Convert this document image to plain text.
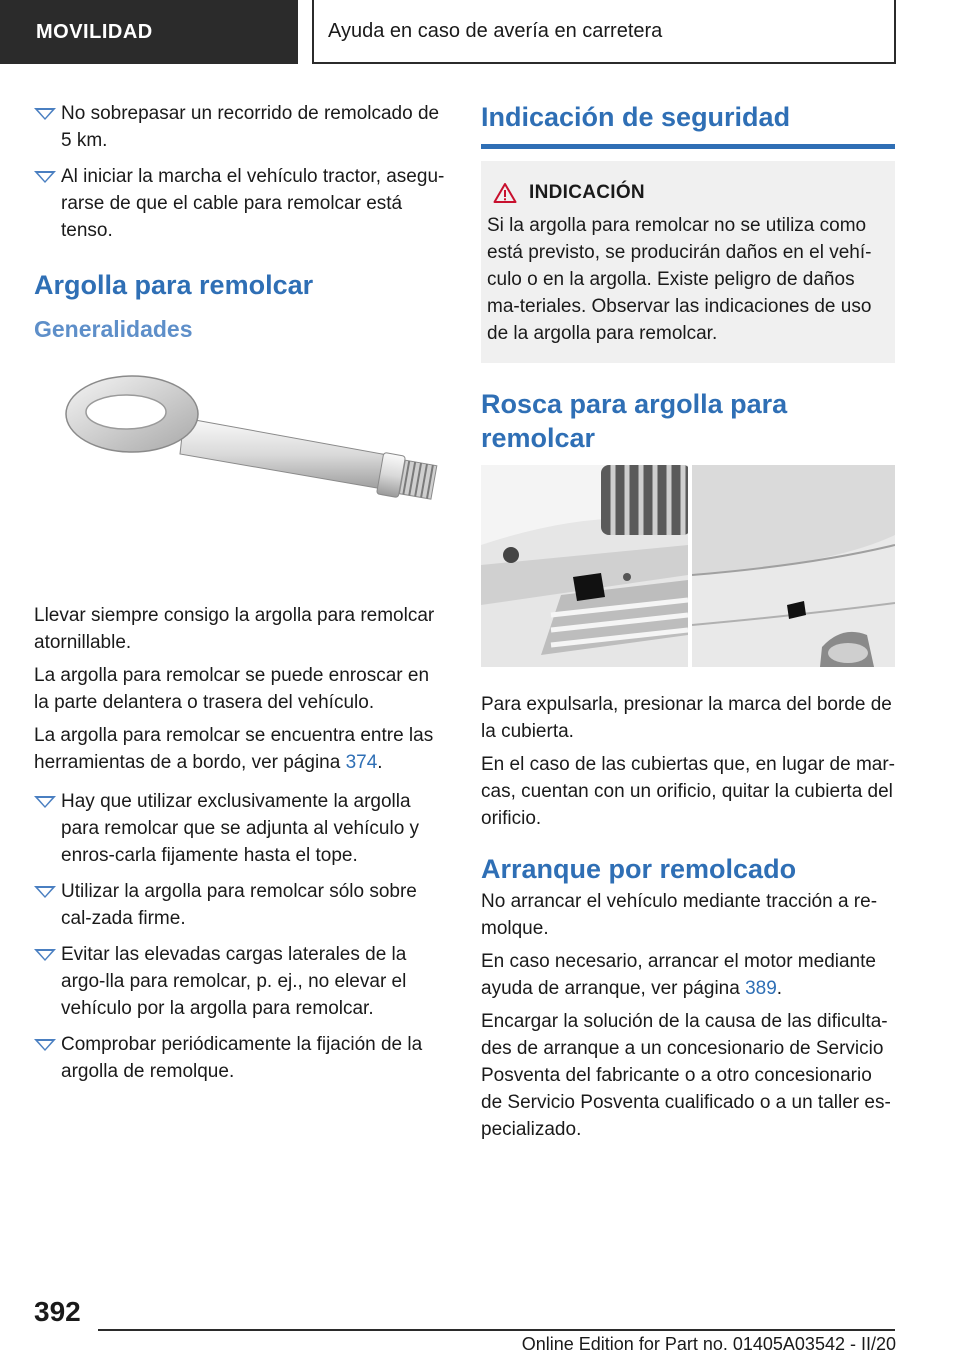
MOVILIDAD	Ayuda en caso de avería en carretera
No sobrepasar un recorrido de remolcado de 5 km.
Al iniciar la marcha el vehículo tractor, asegu-rarse de que el cable para remolcar está tenso.
Argolla para remolcar
Generalidades

Llevar siempre consigo la argolla para remolcar atornillable.

La argolla para remolcar se puede enroscar en la parte delantera o trasera del vehículo.

La argolla para remolcar se encuentra entre las herramientas de a bordo, ver página 374.

Hay que utilizar exclusivamente la argolla para remolcar que se adjunta al vehículo y enros-carla fijamente hasta el tope.
Utilizar la argolla para remolcar sólo sobre cal-zada firme.
Evitar las elevadas cargas laterales de la argo-lla para remolcar, p. ej., no elevar el vehículo por la argolla para remolcar.
Comprobar periódicamente la fijación de la argolla de remolque.
Indicación de seguridad
INDICACIÓN
Si la argolla para remolcar no se utiliza como está previsto, se producirán daños en el vehí-culo o en la argolla. Existe peligro de daños ma-teriales. Observar las indicaciones de uso de la argolla para remolcar.
Rosca para argolla para remolcar

Para expulsarla, presionar la marca del borde de la cubierta.

En el caso de las cubiertas que, en lugar de mar-cas, cuentan con un orificio, quitar la cubierta del orificio.

Arranque por remolcado

No arrancar el vehículo mediante tracción a re-molque.

En caso necesario, arrancar el motor mediante ayuda de arranque, ver página 389.

Encargar la solución de la causa de las dificulta-des de arranque a un concesionario de Servicio Posventa del fabricante o a otro concesionario de Servicio Posventa cualificado o a un taller es-pecializado.

392
Online Edition for Part no. 01405A03542 - II/20
